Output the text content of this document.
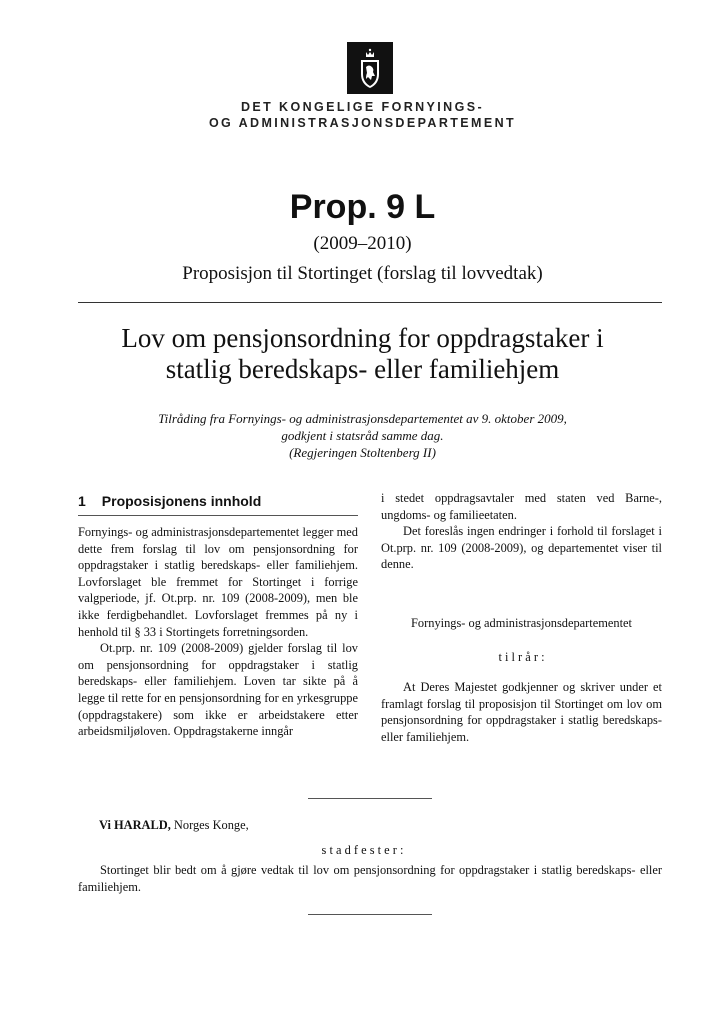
DET KONGELIGE FORNYINGS-
OG ADMINISTRASJONSDEPARTEMENT
Prop. 9 L
(2009–2010)
Proposisjon til Stortinget (forslag til lovvedtak)
Lov om pensjonsordning for oppdragstaker i
statlig beredskaps- eller familiehjem
Tilråding fra Fornyings- og administrasjonsdepartementet av 9. oktober 2009,
godkjent i statsråd samme dag.
(Regjeringen Stoltenberg II)
1 Proposisjonens innhold

Fornyings- og administrasjonsdepartementet legger med dette frem forslag til lov om pensjonsordning for oppdragstaker i statlig beredskaps- eller familiehjem. Lovforslaget ble fremmet for Stortinget i forrige valgperiode, jf. Ot.prp. nr. 109 (2008-2009), men ble ikke ferdigbehandlet. Lovforslaget fremmes på ny i henhold til § 33 i Stortingets forretningsorden.

Ot.prp. nr. 109 (2008-2009) gjelder forslag til lov om pensjonsordning for oppdragstaker i statlig beredskaps- eller familiehjem. Loven tar sikte på å legge til rette for en pensjonsordning for en yrkesgruppe (oppdragstakere) som ikke er arbeidstakere etter arbeidsmiljøloven. Oppdragstakerne inngår

i stedet oppdragsavtaler med staten ved Barne-, ungdoms- og familieetaten.

Det foreslås ingen endringer i forhold til forslaget i Ot.prp. nr. 109 (2008-2009), og departementet viser til denne.

Fornyings- og administrasjonsdepartementet
t i l r å r :

At Deres Majestet godkjenner og skriver under et framlagt forslag til proposisjon til Stortinget om lov om pensjonsordning for oppdragstaker i statlig beredskaps- eller familiehjem.

Vi HARALD, Norges Konge,
s t a d f e s t e r :

Stortinget blir bedt om å gjøre vedtak til lov om pensjonsordning for oppdragstaker i statlig beredskaps- eller familiehjem.
